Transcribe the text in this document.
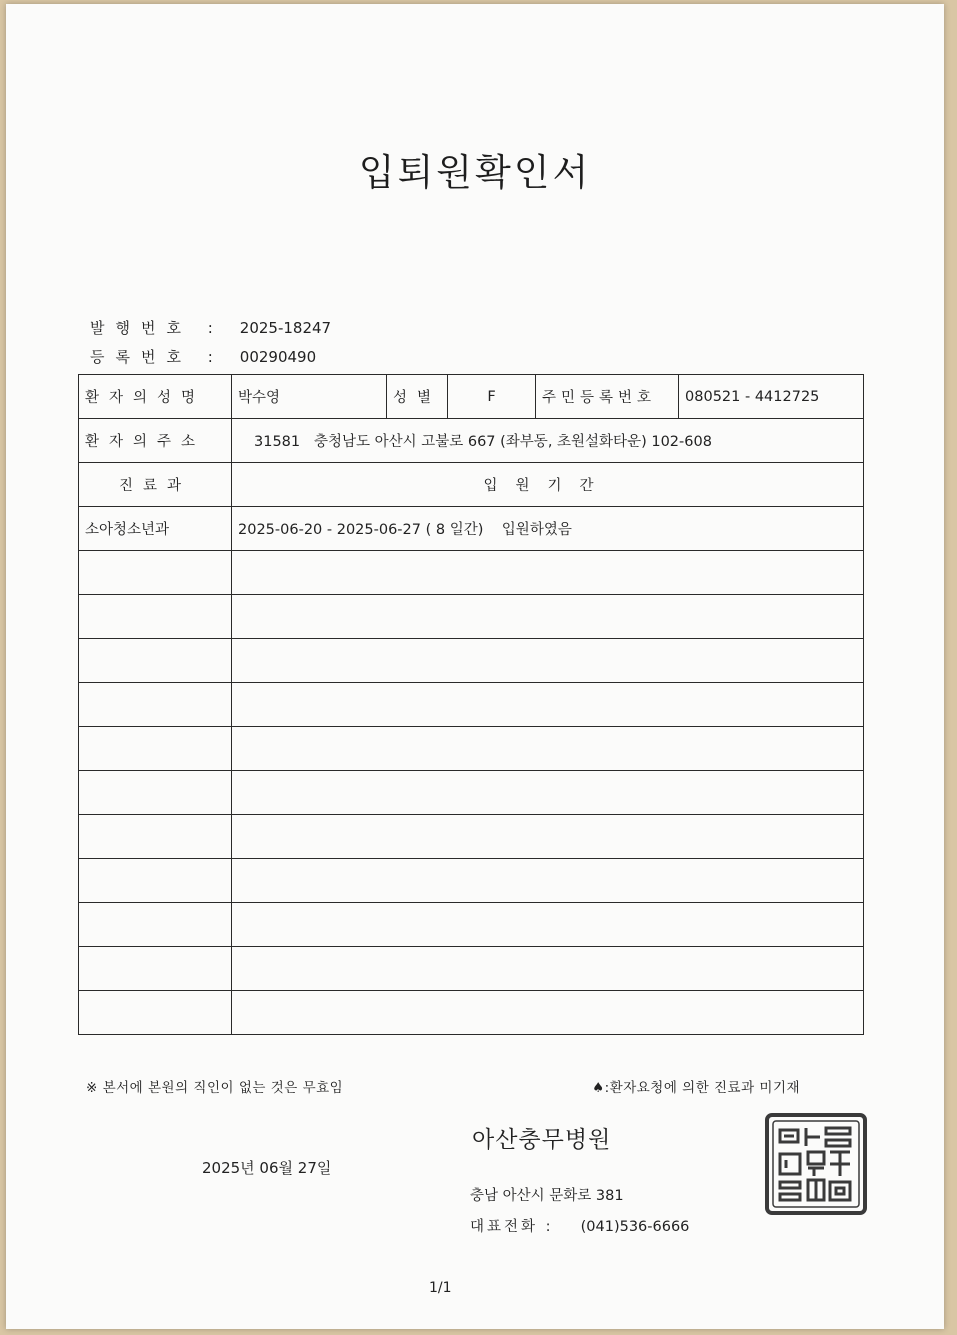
입퇴원확인서
발행번호 : 2025-18247
등록번호 : 00290490
환자의성명	박수영	성별	F	주민등록번호	080521 - 4412725
환자의주소	31581   충청남도 아산시 고불로 667 (좌부동, 초원설화타운) 102-608				
진료과	입원기간				
소아청소년과	2025-06-20 - 2025-06-27 ( 8 일간)    입원하였음				

※ 본서에 본원의 직인이 없는 것은 무효임	♠:환자요청에 의한 진료과 미기재
아산충무병원
2025년 06월 27일
충남 아산시 문화로 381
대표전화 : (041)536-6666
1/1
